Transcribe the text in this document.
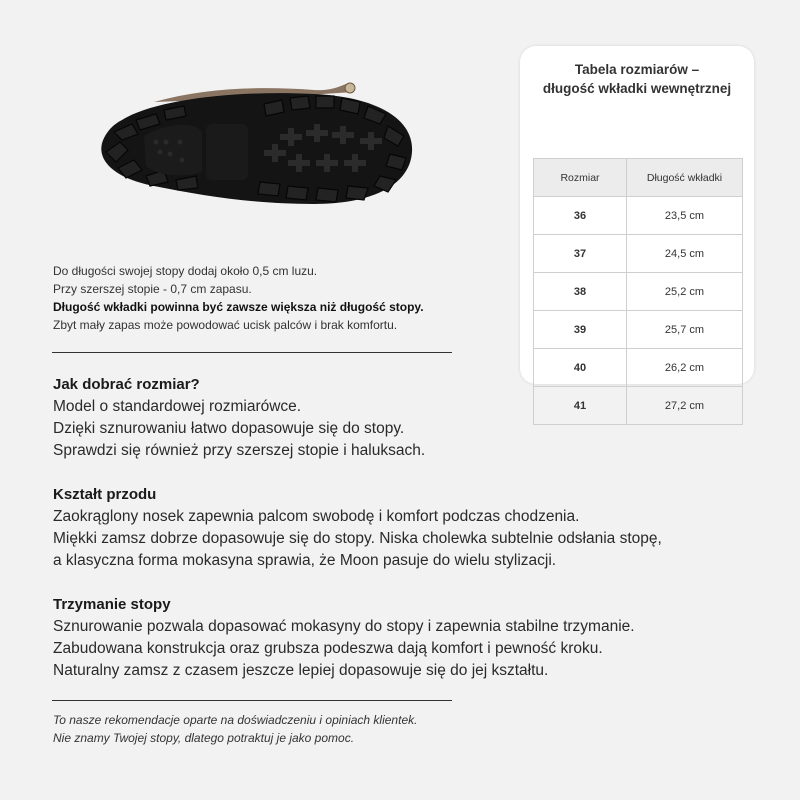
Tabela rozmiarów –
długość wkładki wewnętrznej
Rozmiar	Długość wkładki
36	23,5 cm
37	24,5 cm
38	25,2 cm
39	25,7 cm
40	26,2 cm
41	27,2 cm
Do długości swojej stopy dodaj około 0,5 cm luzu.
Przy szerszej stopie - 0,7 cm zapasu.
Długość wkładki powinna być zawsze większa niż długość stopy.
Zbyt mały zapas może powodować ucisk palców i brak komfortu.
Jak dobrać rozmiar?

Model o standardowej rozmiarówce.

Dzięki sznurowaniu łatwo dopasowuje się do stopy.

Sprawdzi się również przy szerszej stopie i haluksach.

Kształt przodu

Zaokrąglony nosek zapewnia palcom swobodę i komfort podczas chodzenia.

Miękki zamsz dobrze dopasowuje się do stopy. Niska cholewka subtelnie odsłania stopę,

a klasyczna forma mokasyna sprawia, że Moon pasuje do wielu stylizacji.

Trzymanie stopy

Sznurowanie pozwala dopasować mokasyny do stopy i zapewnia stabilne trzymanie.

Zabudowana konstrukcja oraz grubsza podeszwa dają komfort i pewność kroku.

Naturalny zamsz z czasem jeszcze lepiej dopasowuje się do jej kształtu.

To nasze rekomendacje oparte na doświadczeniu i opiniach klientek.
Nie znamy Twojej stopy, dlatego potraktuj je jako pomoc.
